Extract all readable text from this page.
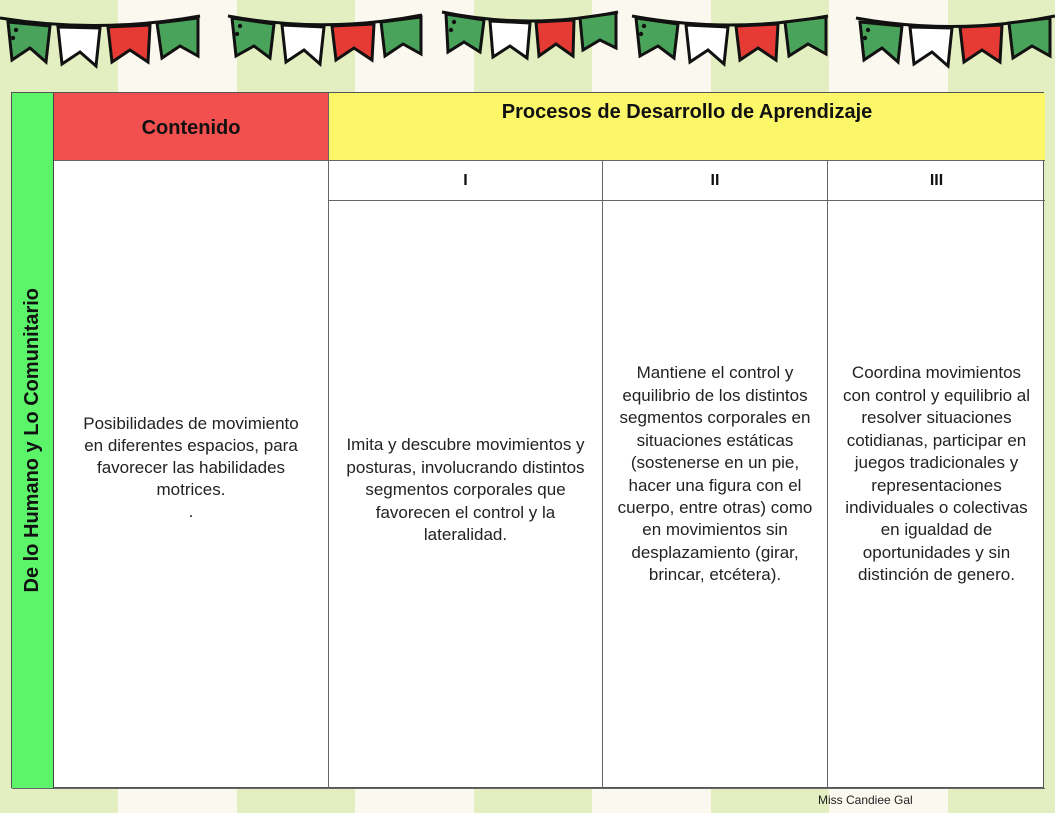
De lo Humano y Lo Comunitario
Contenido
Procesos de Desarrollo de Aprendizaje
Posibilidades de movimiento en diferentes espacios, para favorecer las habilidades motrices.
.
I	II	III
Imita y descubre movimientos y posturas, involucrando distintos segmentos corporales que favorecen el control y la lateralidad.
Mantiene el control y equilibrio de los distintos segmentos corporales en situaciones estáticas (sostenerse en un pie, hacer una figura con el cuerpo, entre otras) como en movimientos sin desplazamiento (girar, brincar, etcétera).
Coordina movimientos con control y equilibrio al resolver situaciones cotidianas, participar en juegos tradicionales y representaciones individuales o colectivas en igualdad de oportunidades y sin distinción de genero.
Miss Candiee Gal
